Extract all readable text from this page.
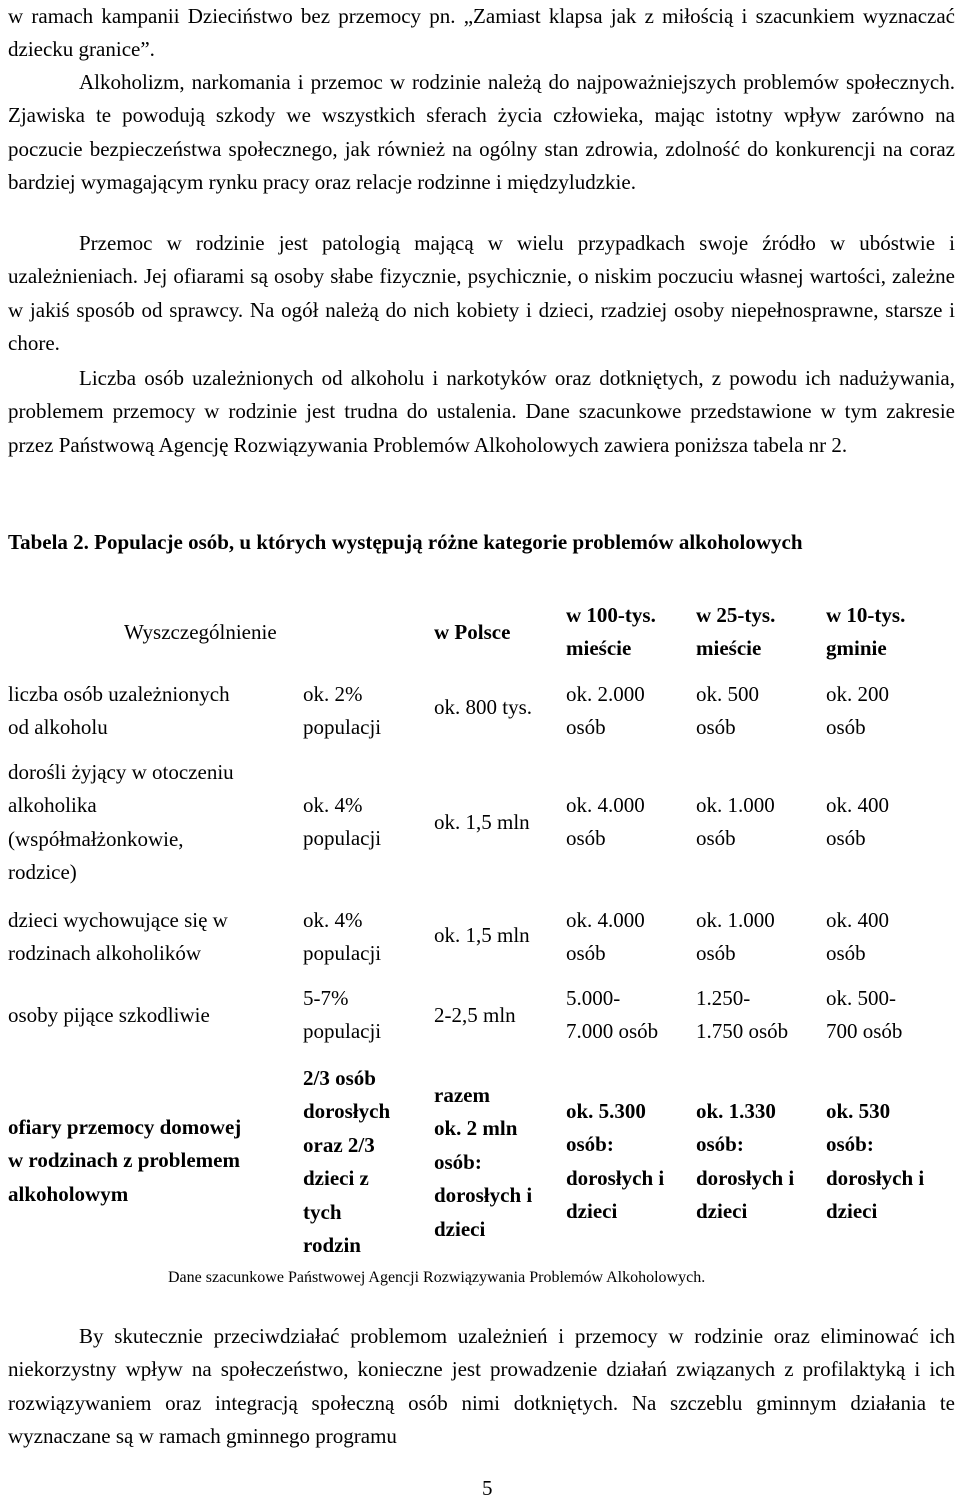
w ramach kampanii Dzieciństwo bez przemocy pn. „Zamiast klapsa jak z miłością i szacunkiem wyznaczać dziecku granice”.

Alkoholizm, narkomania i przemoc w rodzinie należą do najpoważniejszych problemów społecznych. Zjawiska te powodują szkody we wszystkich sferach życia człowieka, mając istotny wpływ zarówno na poczucie bezpieczeństwa społecznego, jak również na ogólny stan zdrowia, zdolność do konkurencji na coraz bardziej wymagającym rynku pracy oraz relacje rodzinne i międzyludzkie.

Przemoc w rodzinie jest patologią mającą w wielu przypadkach swoje źródło w ubóstwie i uzależnieniach. Jej ofiarami są osoby słabe fizycznie, psychicznie, o niskim poczuciu własnej wartości, zależne w jakiś sposób od sprawcy. Na ogół należą do nich kobiety i dzieci, rzadziej osoby niepełnosprawne, starsze i chore.

Liczba osób uzależnionych od alkoholu i narkotyków oraz dotkniętych, z powodu ich nadużywania, problemem przemocy w rodzinie jest trudna do ustalenia. Dane szacunkowe przedstawione w tym zakresie przez Państwową Agencję Rozwiązywania Problemów Alkoholowych zawiera poniższa tabela nr 2.

Tabela 2. Populacje osób, u których występują różne kategorie problemów alkoholowych

Wyszczególnienie	w Polsce
w 100-tys.
mieście
w 25-tys.
mieście
w 10-tys.
gminie
liczba osób uzależnionych
od alkoholu
ok. 2%
populacji
ok. 800 tys.
ok. 2.000
osób
ok. 500
osób
ok. 200
osób
dorośli żyjący w otoczeniu
alkoholika
(współmałżonkowie,
rodzice)
ok. 4%
populacji
ok. 1,5 mln
ok. 4.000
osób
ok. 1.000
osób
ok. 400
osób
dzieci wychowujące się w
rodzinach alkoholików
ok. 4%
populacji
ok. 1,5 mln
ok. 4.000
osób
ok. 1.000
osób
ok. 400
osób
osoby pijące szkodliwie
5-7%
populacji
2-2,5 mln
5.000-
7.000 osób
1.250-
1.750 osób
ok. 500-
700 osób
ofiary przemocy domowej
w rodzinach z problemem
alkoholowym
2/3 osób
dorosłych
oraz 2/3
dzieci z
tych
rodzin
razem
ok. 2 mln
osób:
dorosłych i
dzieci
ok. 5.300
osób:
dorosłych i
dzieci
ok. 1.330
osób:
dorosłych i
dzieci
ok. 530
osób:
dorosłych i
dzieci
Dane szacunkowe Państwowej Agencji Rozwiązywania Problemów Alkoholowych.

By skutecznie przeciwdziałać problemom uzależnień i przemocy w rodzinie oraz eliminować ich niekorzystny wpływ na społeczeństwo, konieczne jest prowadzenie działań związanych z profilaktyką i ich rozwiązywaniem oraz integracją społeczną osób nimi dotkniętych. Na szczeblu gminnym działania te wyznaczane są w ramach gminnego programu

5
